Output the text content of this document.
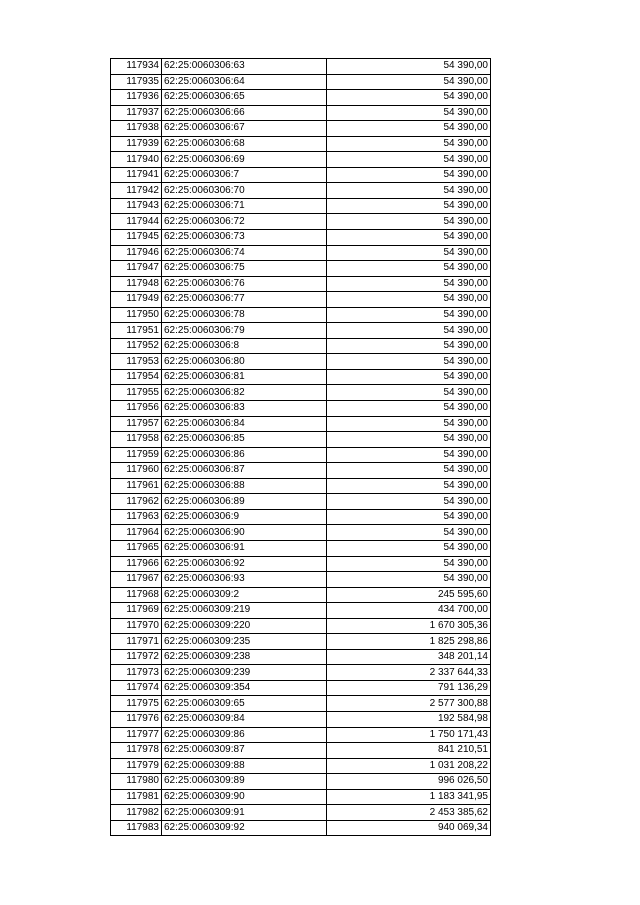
117934	62:25:0060306:63	54 390,00
117935	62:25:0060306:64	54 390,00
117936	62:25:0060306:65	54 390,00
117937	62:25:0060306:66	54 390,00
117938	62:25:0060306:67	54 390,00
117939	62:25:0060306:68	54 390,00
117940	62:25:0060306:69	54 390,00
117941	62:25:0060306:7	54 390,00
117942	62:25:0060306:70	54 390,00
117943	62:25:0060306:71	54 390,00
117944	62:25:0060306:72	54 390,00
117945	62:25:0060306:73	54 390,00
117946	62:25:0060306:74	54 390,00
117947	62:25:0060306:75	54 390,00
117948	62:25:0060306:76	54 390,00
117949	62:25:0060306:77	54 390,00
117950	62:25:0060306:78	54 390,00
117951	62:25:0060306:79	54 390,00
117952	62:25:0060306:8	54 390,00
117953	62:25:0060306:80	54 390,00
117954	62:25:0060306:81	54 390,00
117955	62:25:0060306:82	54 390,00
117956	62:25:0060306:83	54 390,00
117957	62:25:0060306:84	54 390,00
117958	62:25:0060306:85	54 390,00
117959	62:25:0060306:86	54 390,00
117960	62:25:0060306:87	54 390,00
117961	62:25:0060306:88	54 390,00
117962	62:25:0060306:89	54 390,00
117963	62:25:0060306:9	54 390,00
117964	62:25:0060306:90	54 390,00
117965	62:25:0060306:91	54 390,00
117966	62:25:0060306:92	54 390,00
117967	62:25:0060306:93	54 390,00
117968	62:25:0060309:2	245 595,60
117969	62:25:0060309:219	434 700,00
117970	62:25:0060309:220	1 670 305,36
117971	62:25:0060309:235	1 825 298,86
117972	62:25:0060309:238	348 201,14
117973	62:25:0060309:239	2 337 644,33
117974	62:25:0060309:354	791 136,29
117975	62:25:0060309:65	2 577 300,88
117976	62:25:0060309:84	192 584,98
117977	62:25:0060309:86	1 750 171,43
117978	62:25:0060309:87	841 210,51
117979	62:25:0060309:88	1 031 208,22
117980	62:25:0060309:89	996 026,50
117981	62:25:0060309:90	1 183 341,95
117982	62:25:0060309:91	2 453 385,62
117983	62:25:0060309:92	940 069,34
